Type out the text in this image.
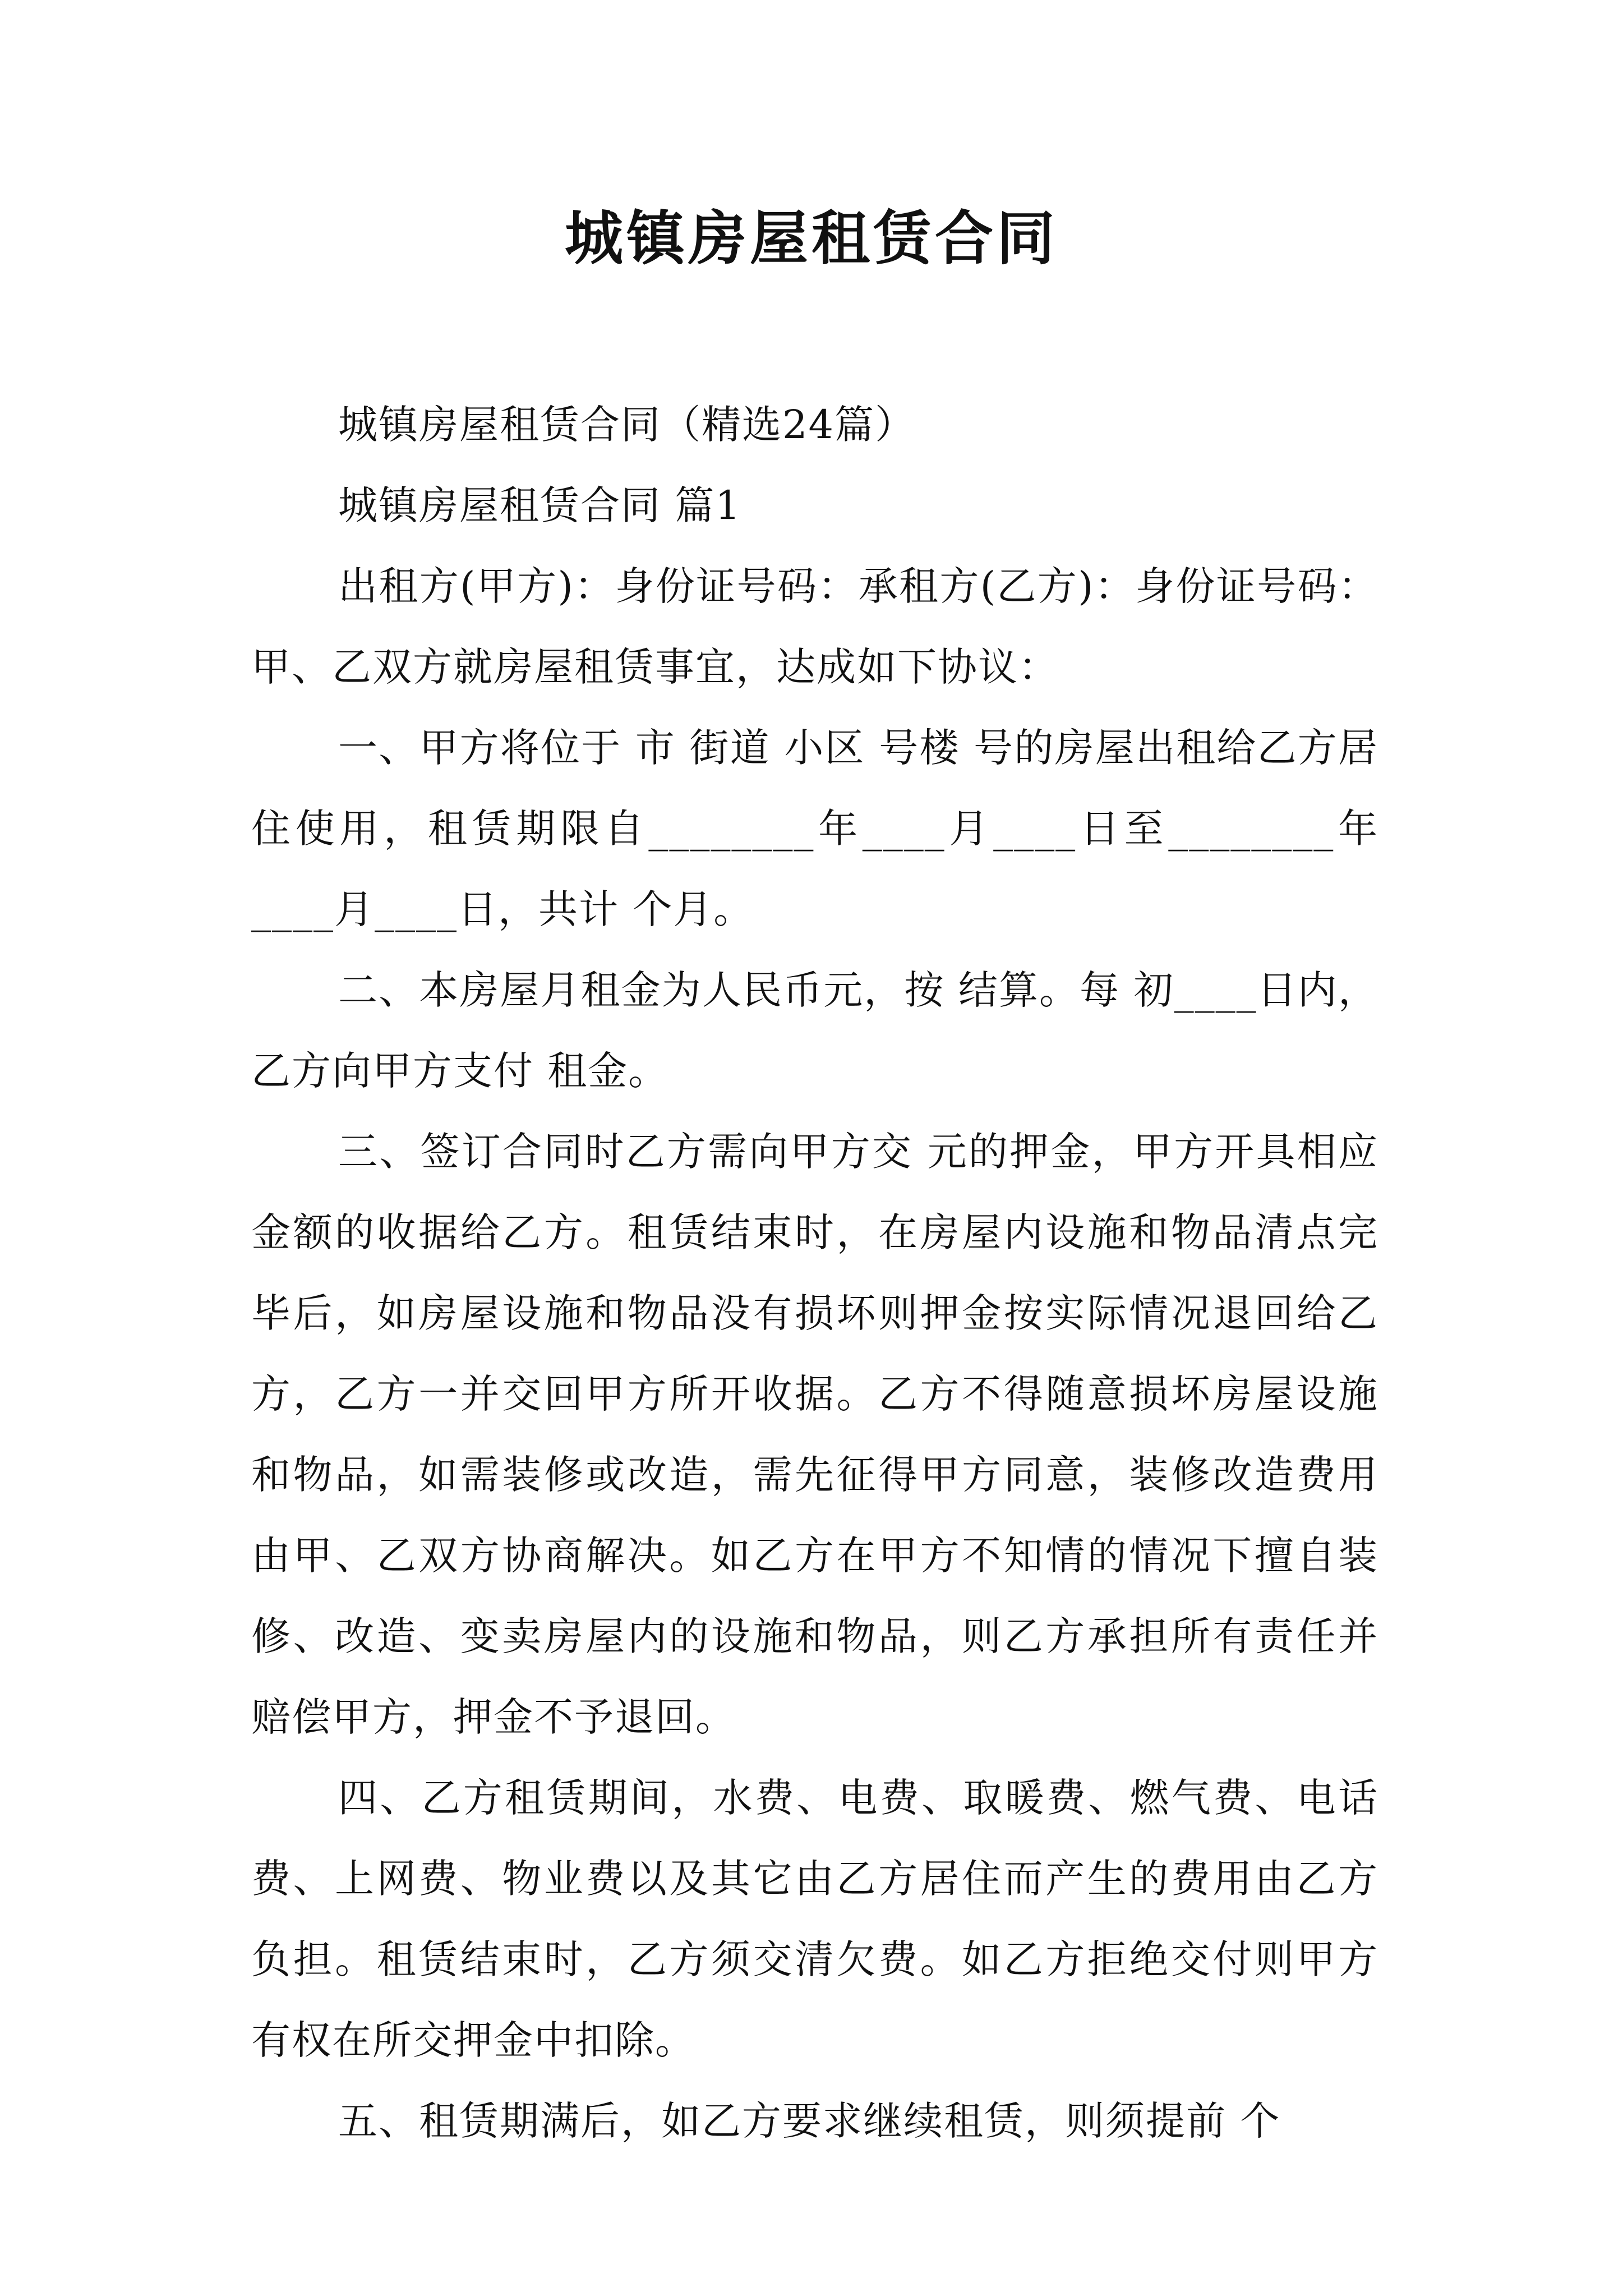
城镇房屋租赁合同

城镇房屋租赁合同（精选24篇）

城镇房屋租赁合同 篇1

出租方(甲方)：身份证号码：承租方(乙方)：身份证号码：甲、乙双方就房屋租赁事宜，达成如下协议：

一、甲方将位于 市 街道 小区 号楼 号的房屋出租给乙方居住使用，租赁期限自________年____月____日至________年____月____日，共计 个月。

二、本房屋月租金为人民币元，按 结算。每 初____日内，乙方向甲方支付 租金。

三、签订合同时乙方需向甲方交 元的押金，甲方开具相应金额的收据给乙方。租赁结束时，在房屋内设施和物品清点完毕后，如房屋设施和物品没有损坏则押金按实际情况退回给乙方，乙方一并交回甲方所开收据。乙方不得随意损坏房屋设施和物品，如需装修或改造，需先征得甲方同意，装修改造费用由甲、乙双方协商解决。如乙方在甲方不知情的情况下擅自装修、改造、变卖房屋内的设施和物品，则乙方承担所有责任并赔偿甲方，押金不予退回。

四、乙方租赁期间，水费、电费、取暖费、燃气费、电话费、上网费、物业费以及其它由乙方居住而产生的费用由乙方负担。租赁结束时，乙方须交清欠费。如乙方拒绝交付则甲方有权在所交押金中扣除。

五、租赁期满后，如乙方要求继续租赁，则须提前 个
